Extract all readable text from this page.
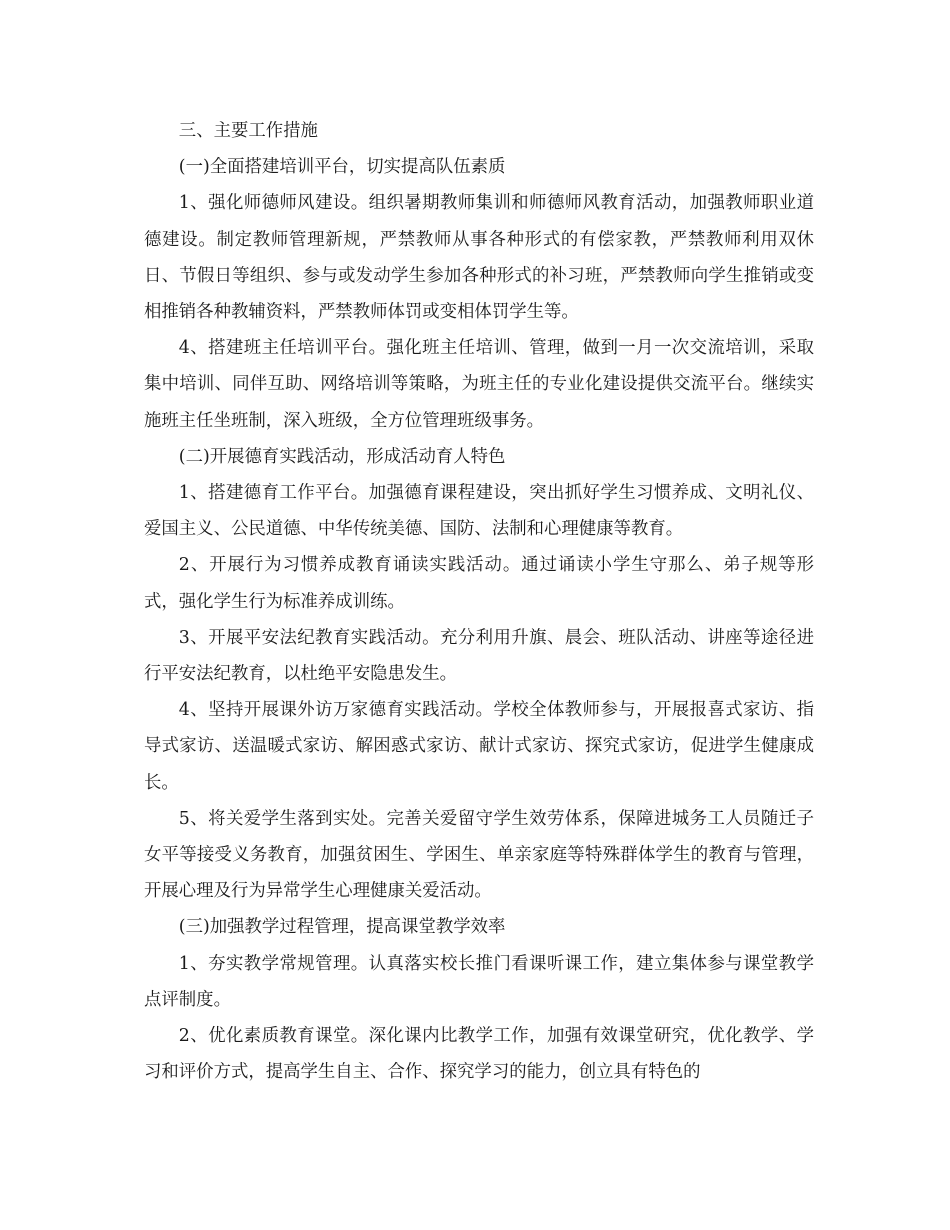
三、主要工作措施

(一)全面搭建培训平台，切实提高队伍素质

1、强化师德师风建设。组织暑期教师集训和师德师风教育活动，加强教师职业道德建设。制定教师管理新规，严禁教师从事各种形式的有偿家教，严禁教师利用双休日、节假日等组织、参与或发动学生参加各种形式的补习班，严禁教师向学生推销或变相推销各种教辅资料，严禁教师体罚或变相体罚学生等。

4、搭建班主任培训平台。强化班主任培训、管理，做到一月一次交流培训，采取集中培训、同伴互助、网络培训等策略，为班主任的专业化建设提供交流平台。继续实施班主任坐班制，深入班级，全方位管理班级事务。

(二)开展德育实践活动，形成活动育人特色

1、搭建德育工作平台。加强德育课程建设，突出抓好学生习惯养成、文明礼仪、爱国主义、公民道德、中华传统美德、国防、法制和心理健康等教育。

2、开展行为习惯养成教育诵读实践活动。通过诵读小学生守那么、弟子规等形式，强化学生行为标准养成训练。

3、开展平安法纪教育实践活动。充分利用升旗、晨会、班队活动、讲座等途径进行平安法纪教育，以杜绝平安隐患发生。

4、坚持开展课外访万家德育实践活动。学校全体教师参与，开展报喜式家访、指导式家访、送温暖式家访、解困惑式家访、献计式家访、探究式家访，促进学生健康成长。

5、将关爱学生落到实处。完善关爱留守学生效劳体系，保障进城务工人员随迁子女平等接受义务教育，加强贫困生、学困生、单亲家庭等特殊群体学生的教育与管理，开展心理及行为异常学生心理健康关爱活动。

(三)加强教学过程管理，提高课堂教学效率

1、夯实教学常规管理。认真落实校长推门看课听课工作，建立集体参与课堂教学点评制度。

2、优化素质教育课堂。深化课内比教学工作，加强有效课堂研究，优化教学、学习和评价方式，提高学生自主、合作、探究学习的能力，创立具有特色的
